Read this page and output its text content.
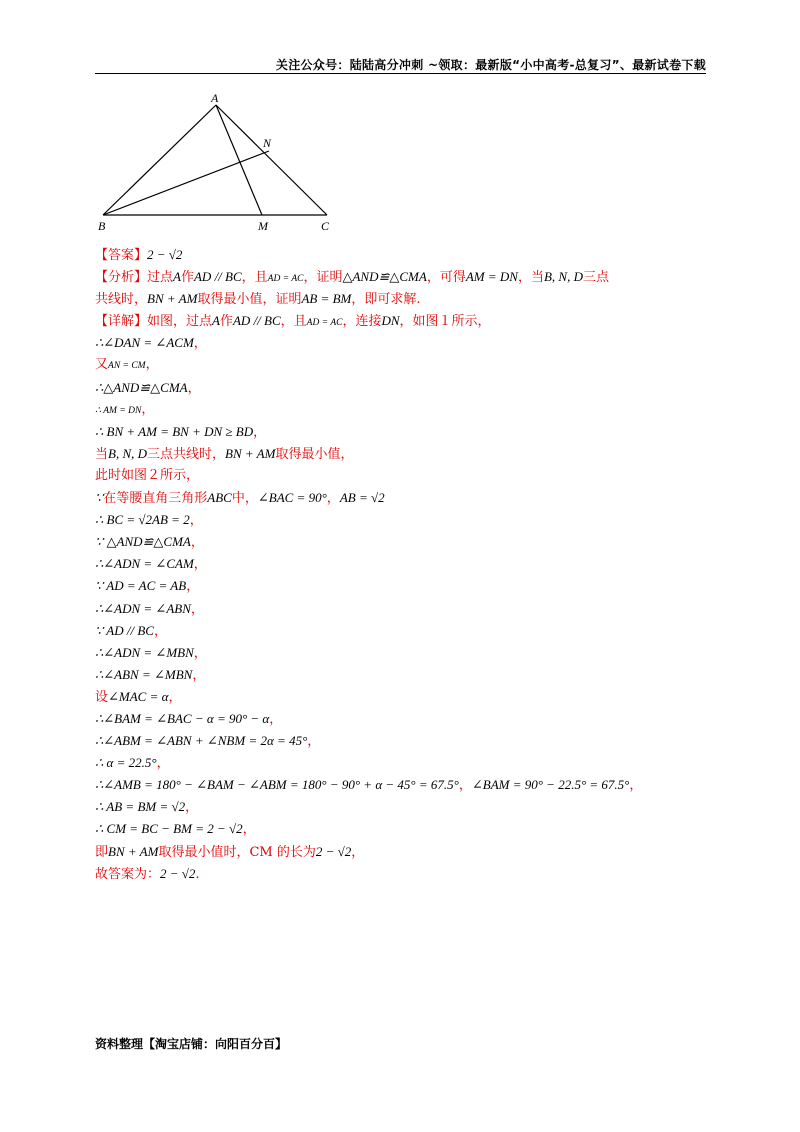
关注公众号：陆陆高分冲刺 ~领取：最新版“小中高考-总复习”、最新试卷下载
A
N
B	M	C
【答案】2 − √2
【分析】过点A作AD // BC，且AD = AC，证明△AND≌△CMA，可得AM = DN，当B, N, D三点
共线时，BN + AM取得最小值，证明AB = BM，即可求解.
【详解】如图，过点A作AD // BC，且AD = AC，连接DN，如图１所示，
∴∠DAN = ∠ACM，
又AN = CM，
∴△AND≌△CMA，
∴ AM = DN，
∴ BN + AM = BN + DN ≥ BD，
当B, N, D三点共线时，BN + AM取得最小值，
此时如图２所示，
∵在等腰直角三角形ABC中，∠BAC = 90°，AB = √2
∴ BC = √2AB = 2，
∵ △AND≌△CMA，
∴∠ADN = ∠CAM，
∵ AD = AC = AB，
∴∠ADN = ∠ABN，
∵ AD // BC，
∴∠ADN = ∠MBN，
∴∠ABN = ∠MBN，
设∠MAC = α，
∴∠BAM = ∠BAC − α = 90° − α，
∴∠ABM = ∠ABN + ∠NBM = 2α = 45°，
∴ α = 22.5°，
∴∠AMB = 180° − ∠BAM − ∠ABM = 180° − 90° + α − 45° = 67.5°，∠BAM = 90° − 22.5° = 67.5°，
∴ AB = BM = √2，
∴ CM = BC − BM = 2 − √2，
即BN + AM取得最小值时，CM 的长为2 − √2，
故答案为：2 − √2.
资料整理【淘宝店铺：向阳百分百】
